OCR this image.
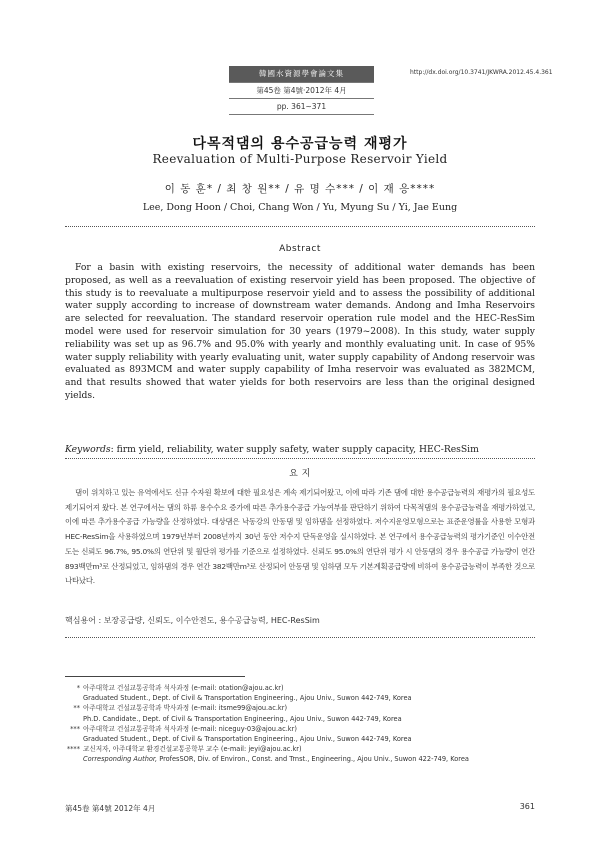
韓國水資源學會論文集
第45卷 第4號·2012年 4月
pp. 361~371
http://dx.doi.org/10.3741/JKWRA.2012.45.4.361
다목적댐의 용수공급능력 재평가
Reevaluation of Multi-Purpose Reservoir Yield
이 동 훈* / 최 창 원** / 유 명 수*** / 이 재 응****
Lee, Dong Hoon / Choi, Chang Won / Yu, Myung Su / Yi, Jae Eung
Abstract

For a basin with existing reservoirs, the necessity of additional water demands has been proposed, as well as a reevaluation of existing reservoir yield has been proposed. The objective of this study is to reevaluate a multipurpose reservoir yield and to assess the possibility of additional water supply according to increase of downstream water demands. Andong and Imha Reservoirs are selected for reevaluation. The standard reservoir operation rule model and the HEC-ResSim model were used for reservoir simulation for 30 years (1979~2008). In this study, water supply reliability was set up as 96.7% and 95.0% with yearly and monthly evaluating unit. In case of 95% water supply reliability with yearly evaluating unit, water supply capability of Andong reservoir was evaluated as 893MCM and water supply capability of Imha reservoir was evaluated as 382MCM, and that results showed that water yields for both reservoirs are less than the original designed yields.

Keywords: firm yield, reliability, water supply safety, water supply capacity, HEC-ResSim
요 지

댐이 위치하고 있는 유역에서도 신규 수자원 확보에 대한 필요성은 계속 제기되어왔고, 이에 따라 기존 댐에 대한 용수공급능력의 재평가의 필요성도 제기되어져 왔다. 본 연구에서는 댐의 하류 용수수요 증가에 따른 추가용수공급 가능여부를 판단하기 위하여 다목적댐의 용수공급능력을 재평가하였고, 이에 따른 추가용수공급 가능량을 산정하였다. 대상댐은 낙동강의 안동댐 및 임하댐을 선정하였다. 저수지운영모형으로는 표준운영률을 사용한 모형과 HEC-ResSim을 사용하였으며 1979년부터 2008년까지 30년 동안 저수지 단독운영을 실시하였다. 본 연구에서 용수공급능력의 평가기준인 이수안전도는 신뢰도 96.7%, 95.0%의 연단위 및 월단위 평가를 기준으로 설정하였다. 신뢰도 95.0%의 연단위 평가 시 안동댐의 경우 용수공급 가능량이 연간 893백만m³로 산정되었고, 임하댐의 경우 연간 382백만m³로 산정되어 안동댐 및 임하댐 모두 기본계획공급량에 비하여 용수공급능력이 부족한 것으로 나타났다.

핵심용어 : 보장공급량, 신뢰도, 이수안전도, 용수공급능력, HEC-ResSim
* 아주대학교 건설교통공학과 석사과정 (e-mail: otation@ajou.ac.kr)
Graduated Student., Dept. of Civil & Transportation Engineering., Ajou Univ., Suwon 442-749, Korea
** 아주대학교 건설교통공학과 박사과정 (e-mail: itsme99@ajou.ac.kr)
Ph.D. Candidate., Dept. of Civil & Transportation Engineering., Ajou Univ., Suwon 442-749, Korea
*** 아주대학교 건설교통공학과 석사과정 (e-mail: niceguy-03@ajou.ac.kr)
Graduated Student., Dept. of Civil & Transportation Engineering., Ajou Univ., Suwon 442-749, Korea
**** 교신저자, 아주대학교 환경건설교통공학부 교수 (e-mail: jeyi@ajou.ac.kr)
Corresponding Author, ProfesSOR, Div. of Environ., Const. and Trnst., Engineering., Ajou Univ., Suwon 422-749, Korea
第45卷 第4號 2012年 4月	361
